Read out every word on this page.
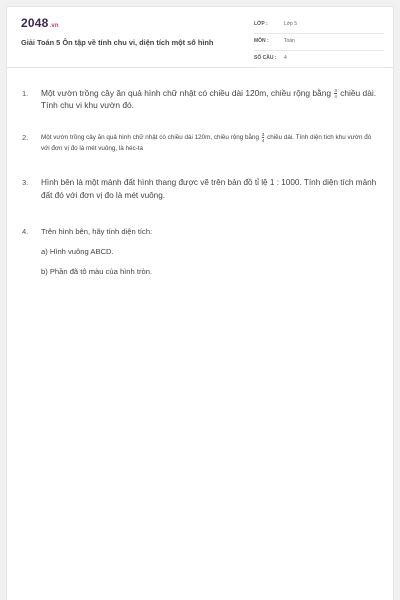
2048.vn
Giải Toán 5 Ôn tập về tính chu vi, diện tích một số hình
LỚP :	Lớp 5
MÔN :	Toán
SỐ CÂU : 4
1. Một vườn trồng cây ăn quả hình chữ nhật có chiều dài 120m, chiều rộng bằng $\frac{3}{4}$ chiều dài. Tính chu vi khu vườn đó.
2. Một vườn trồng cây ăn quả hình chữ nhật có chiều dài 120m, chiều rộng bằng $\frac{3}{4}$ chiều dài. Tính diện tích khu vườn đó với đơn vị đo là mét vuông, là héc-ta
3. Hình bên là một mảnh đất hình thang được vẽ trên bản đồ tỉ lệ 1 : 1000. Tính diện tích mảnh đất đó với đơn vị đo là mét vuông.
4. Trên hình bên, hãy tính diện tích:
a) Hình vuông ABCD.
b) Phần đã tô màu của hình tròn.
